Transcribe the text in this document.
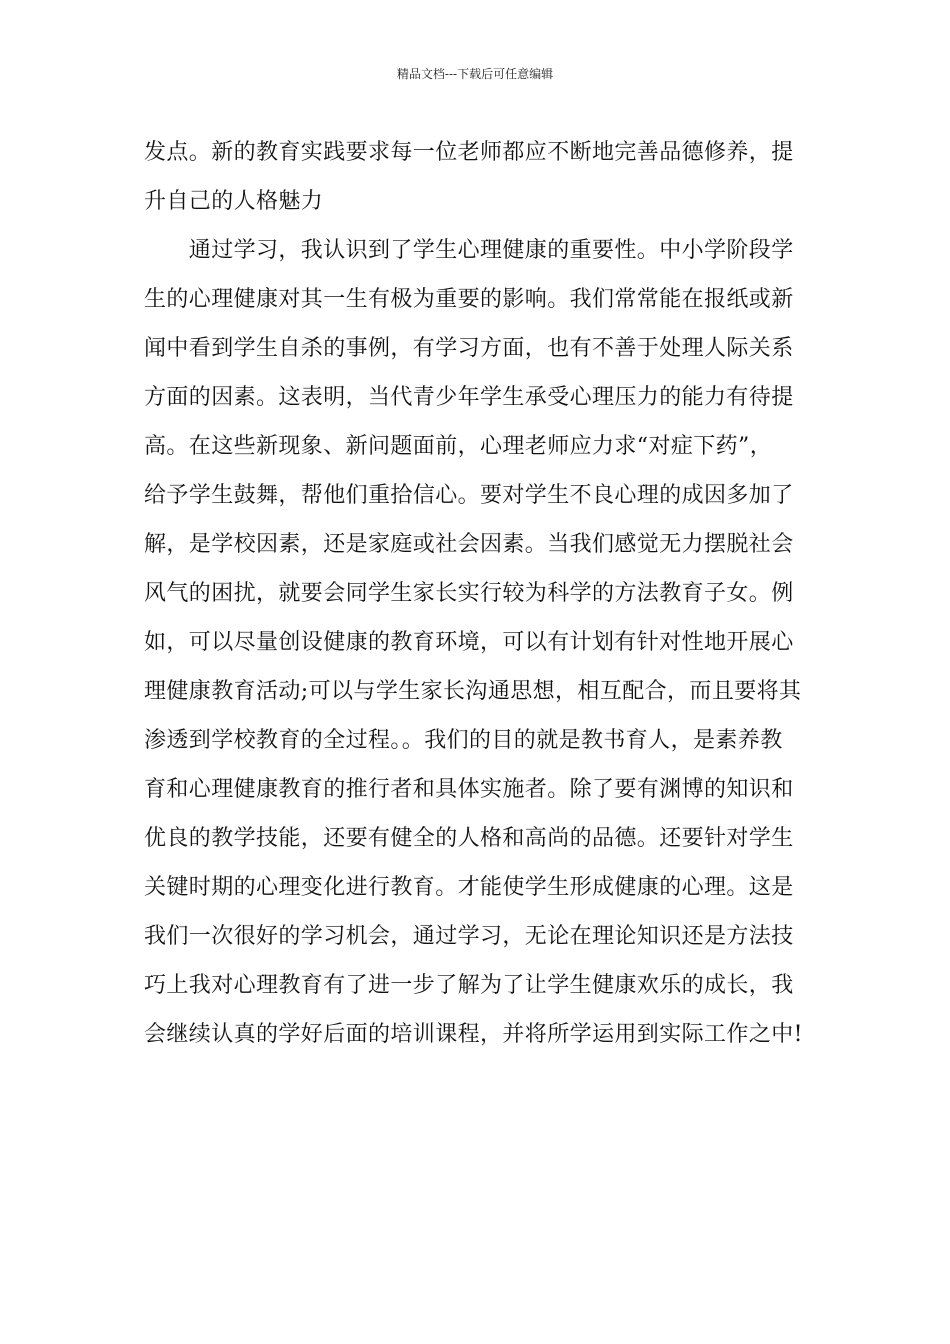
精品文档---下载后可任意编辑
发点。新的教育实践要求每一位老师都应不断地完善品德修养，提
升自己的人格魅力
　　通过学习，我认识到了学生心理健康的重要性。中小学阶段学
生的心理健康对其一生有极为重要的影响。我们常常能在报纸或新
闻中看到学生自杀的事例，有学习方面，也有不善于处理人际关系
方面的因素。这表明，当代青少年学生承受心理压力的能力有待提
高。在这些新现象、新问题面前，心理老师应力求“对症下药”，
给予学生鼓舞，帮他们重拾信心。要对学生不良心理的成因多加了
解，是学校因素，还是家庭或社会因素。当我们感觉无力摆脱社会
风气的困扰，就要会同学生家长实行较为科学的方法教育子女。例
如，可以尽量创设健康的教育环境，可以有计划有针对性地开展心
理健康教育活动;可以与学生家长沟通思想，相互配合，而且要将其
渗透到学校教育的全过程。。我们的目的就是教书育人，是素养教
育和心理健康教育的推行者和具体实施者。除了要有渊博的知识和
优良的教学技能，还要有健全的人格和高尚的品德。还要针对学生
关键时期的心理变化进行教育。才能使学生形成健康的心理。这是
我们一次很好的学习机会，通过学习，无论在理论知识还是方法技
巧上我对心理教育有了进一步了解为了让学生健康欢乐的成长，我
会继续认真的学好后面的培训课程，并将所学运用到实际工作之中!
